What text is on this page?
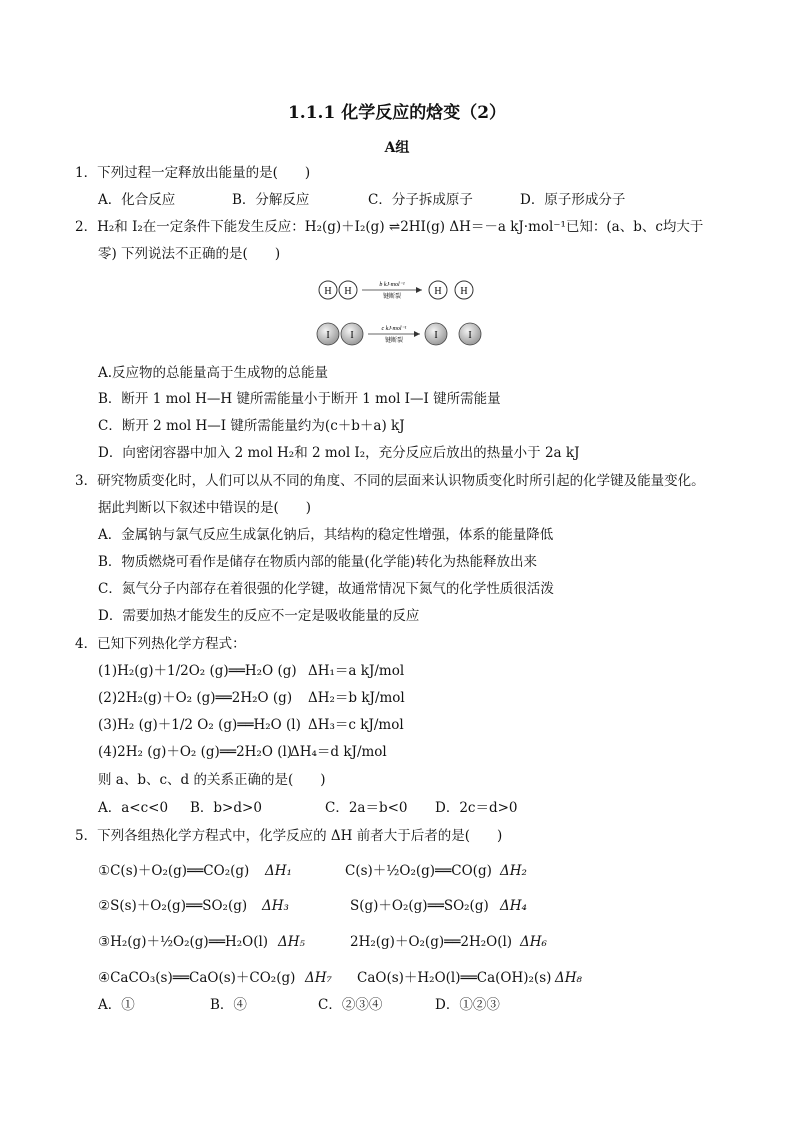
1.1.1 化学反应的焓变（2）
A组
1．下列过程一定释放出能量的是(　　)
A．化合反应	B．分解反应	C．分子拆成原子	D．原子形成分子
2．H₂和 I₂在一定条件下能发生反应：H₂(g)＋I₂(g) ⇌2HI(g) ΔH＝－a kJ·mol⁻¹已知：(a、b、c均大于
零) 下列说法不正确的是(　　)
H H
b kJ·mol⁻¹
键断裂	H H
I I
c kJ·mol⁻¹
键断裂	I	I
A.反应物的总能量高于生成物的总能量
B．断开 1 mol H—H 键所需能量小于断开 1 mol I—I 键所需能量
C．断开 2 mol H—I 键所需能量约为(c＋b＋a) kJ
D．向密闭容器中加入 2 mol H₂和 2 mol I₂，充分反应后放出的热量小于 2a kJ
3．研究物质变化时，人们可以从不同的角度、不同的层面来认识物质变化时所引起的化学键及能量变化。
据此判断以下叙述中错误的是(　　)
A．金属钠与氯气反应生成氯化钠后，其结构的稳定性增强，体系的能量降低
B．物质燃烧可看作是储存在物质内部的能量(化学能)转化为热能释放出来
C．氮气分子内部存在着很强的化学键，故通常情况下氮气的化学性质很活泼
D．需要加热才能发生的反应不一定是吸收能量的反应
4．已知下列热化学方程式：
(1)H₂(g)＋1/2O₂ (g)══H₂O (g) ΔH₁＝a kJ/mol
(2)2H₂(g)＋O₂ (g)══2H₂O (g) ΔH₂＝b kJ/mol
(3)H₂ (g)＋1/2 O₂ (g)══H₂O (l) ΔH₃＝c kJ/mol
(4)2H₂ (g)＋O₂ (g)══2H₂O (l)
ΔH₄＝d kJ/mol
则 a、b、c、d 的关系正确的是(　　)
A．a<c<0 B．b>d>0	C．2a＝b<0 D．2c＝d>0
5．下列各组热化学方程式中，化学反应的 ΔH 前者大于后者的是(　　)
①C(s)＋O₂(g)══CO₂(g) ΔH₁	C(s)＋½O₂(g)══CO(g) ΔH₂
②S(s)＋O₂(g)══SO₂(g) ΔH₃	S(g)＋O₂(g)══SO₂(g) ΔH₄
③H₂(g)＋½O₂(g)══H₂O(l) ΔH₅	2H₂(g)＋O₂(g)══2H₂O(l) ΔH₆
④CaCO₃(s)══CaO(s)＋CO₂(g) ΔH₇ CaO(s)＋H₂O(l)══Ca(OH)₂(s) ΔH₈
A．①	B．④	C．②③④	D．①②③
